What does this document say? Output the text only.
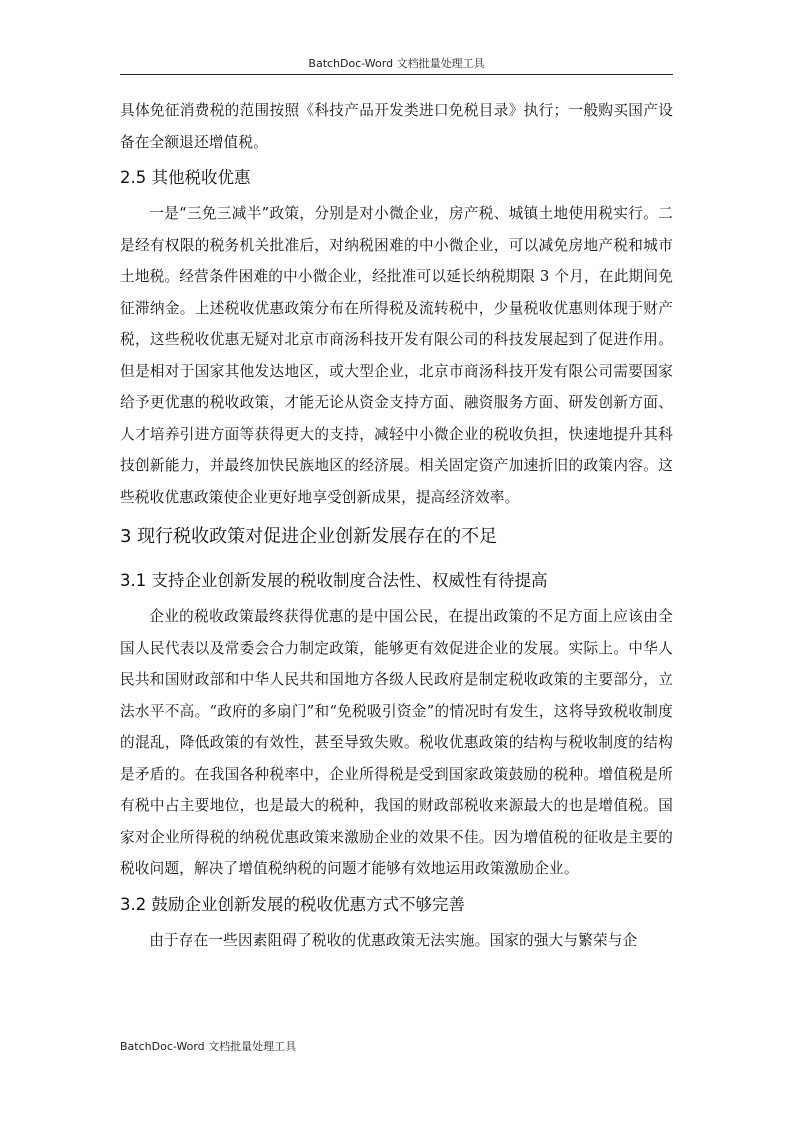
BatchDoc-Word 文档批量处理工具

具体免征消费税的范围按照《科技产品开发类进口免税目录》执行；一般购买国产设备在全额退还增值税。

2.5 其他税收优惠

一是“三免三减半”政策，分别是对小微企业，房产税、城镇土地使用税实行。二是经有权限的税务机关批准后，对纳税困难的中小微企业，可以减免房地产税和城市土地税。经营条件困难的中小微企业，经批准可以延长纳税期限 3 个月，在此期间免征滞纳金。上述税收优惠政策分布在所得税及流转税中，少量税收优惠则体现于财产税，这些税收优惠无疑对北京市商汤科技开发有限公司的科技发展起到了促进作用。但是相对于国家其他发达地区，或大型企业，北京市商汤科技开发有限公司需要国家给予更优惠的税收政策，才能无论从资金支持方面、融资服务方面、研发创新方面、人才培养引进方面等获得更大的支持，减轻中小微企业的税收负担，快速地提升其科技创新能力，并最终加快民族地区的经济展。相关固定资产加速折旧的政策内容。这些税收优惠政策使企业更好地享受创新成果，提高经济效率。

3 现行税收政策对促进企业创新发展存在的不足
3.1 支持企业创新发展的税收制度合法性、权威性有待提高

企业的税收政策最终获得优惠的是中国公民，在提出政策的不足方面上应该由全国人民代表以及常委会合力制定政策，能够更有效促进企业的发展。实际上。中华人民共和国财政部和中华人民共和国地方各级人民政府是制定税收政策的主要部分，立法水平不高。“政府的多扇门”和“免税吸引资金”的情况时有发生，这将导致税收制度的混乱，降低政策的有效性，甚至导致失败。税收优惠政策的结构与税收制度的结构是矛盾的。在我国各种税率中，企业所得税是受到国家政策鼓励的税种。增值税是所有税中占主要地位，也是最大的税种，我国的财政部税收来源最大的也是增值税。国家对企业所得税的纳税优惠政策来激励企业的效果不佳。因为增值税的征收是主要的税收问题，解决了增值税纳税的问题才能够有效地运用政策激励企业。

3.2 鼓励企业创新发展的税收优惠方式不够完善

由于存在一些因素阻碍了税收的优惠政策无法实施。国家的强大与繁荣与企

BatchDoc-Word 文档批量处理工具
